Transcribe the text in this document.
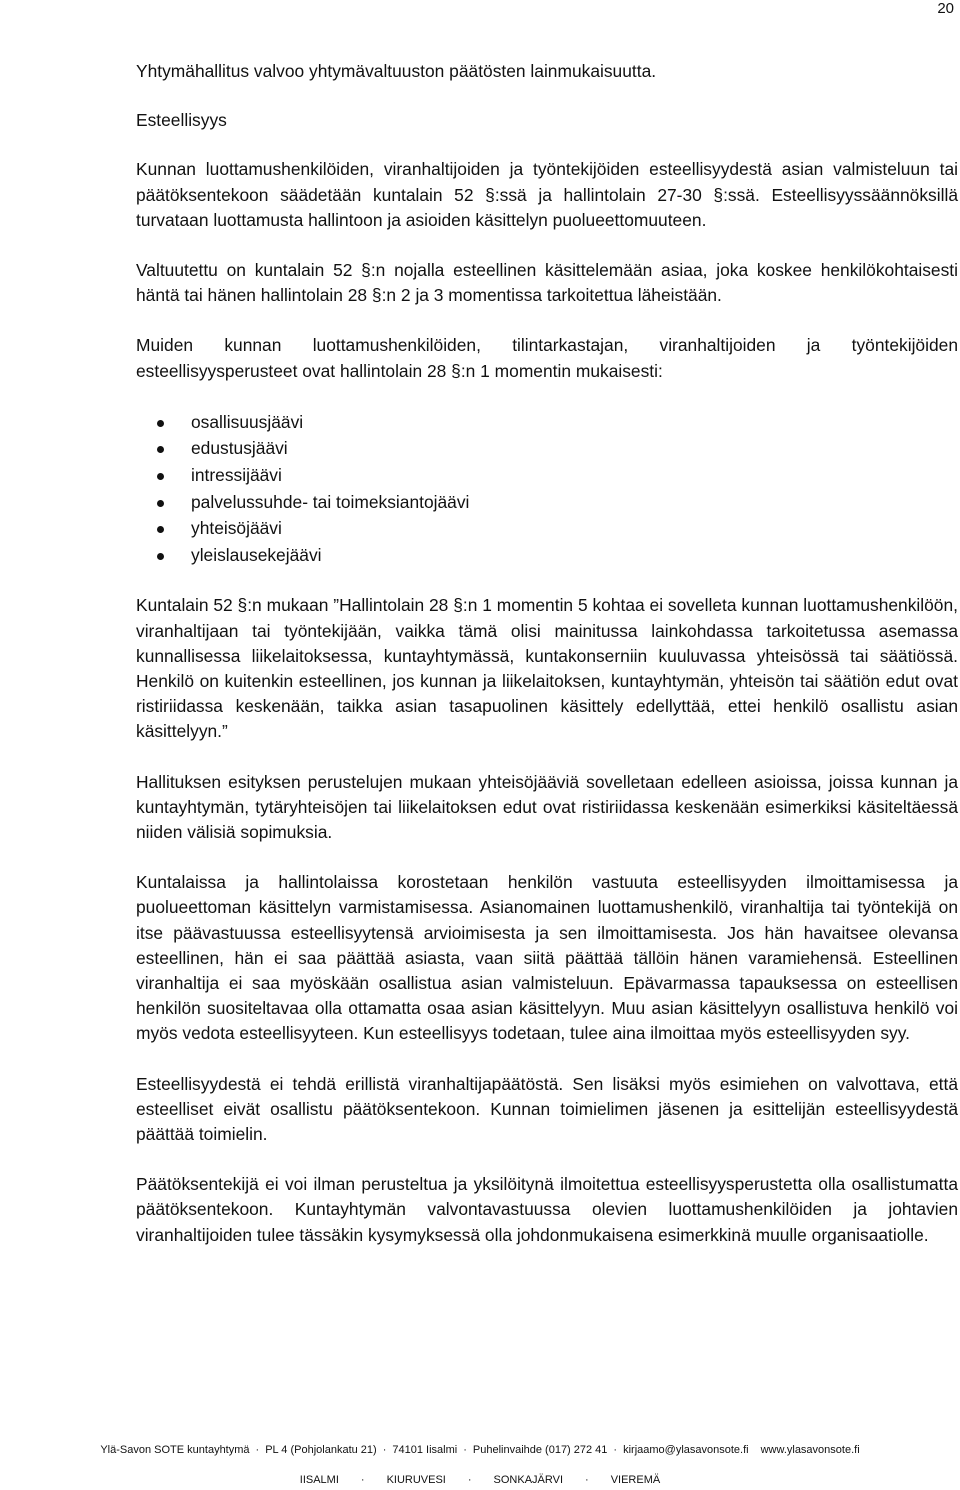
20

Yhtymähallitus valvoo yhtymävaltuuston päätösten lainmukaisuutta.

Esteellisyys

Kunnan luottamushenkilöiden, viranhaltijoiden ja työntekijöiden esteellisyydestä asian valmisteluun tai päätöksentekoon säädetään kuntalain 52 §:ssä ja hallintolain 27-30 §:ssä. Esteellisyyssäännöksillä turvataan luottamusta hallintoon ja asioiden käsittelyn puolueettomuuteen.

Valtuutettu on kuntalain 52 §:n nojalla esteellinen käsittelemään asiaa, joka koskee henkilökohtaisesti häntä tai hänen hallintolain 28 §:n 2 ja 3 momentissa tarkoitettua läheistään.

Muiden kunnan luottamushenkilöiden, tilintarkastajan, viranhaltijoiden ja työntekijöiden esteellisyysperusteet ovat hallintolain 28 §:n 1 momentin mukaisesti:

osallisuusjäävi
edustusjäävi
intressijäävi
palvelussuhde- tai toimeksiantojäävi
yhteisöjäävi
yleislausekejäävi

Kuntalain 52 §:n mukaan ”Hallintolain 28 §:n 1 momentin 5 kohtaa ei sovelleta kunnan luottamushenkilöön, viranhaltijaan tai työntekijään, vaikka tämä olisi mainitussa lainkohdassa tarkoitetussa asemassa kunnallisessa liikelaitoksessa, kuntayhtymässä, kuntakonserniin kuuluvassa yhteisössä tai säätiössä. Henkilö on kuitenkin esteellinen, jos kunnan ja liikelaitoksen, kuntayhtymän, yhteisön tai säätiön edut ovat ristiriidassa keskenään, taikka asian tasapuolinen käsittely edellyttää, ettei henkilö osallistu asian käsittelyyn.”

Hallituksen esityksen perustelujen mukaan yhteisöjääviä sovelletaan edelleen asioissa, joissa kunnan ja kuntayhtymän, tytäryhteisöjen tai liikelaitoksen edut ovat ristiriidassa keskenään esimerkiksi käsiteltäessä niiden välisiä sopimuksia.

Kuntalaissa ja hallintolaissa korostetaan henkilön vastuuta esteellisyyden ilmoittamisessa ja puolueettoman käsittelyn varmistamisessa. Asianomainen luottamushenkilö, viranhaltija tai työntekijä on itse päävastuussa esteellisyytensä arvioimisesta ja sen ilmoittamisesta. Jos hän havaitsee olevansa esteellinen, hän ei saa päättää asiasta, vaan siitä päättää tällöin hänen varamiehensä. Esteellinen viranhaltija ei saa myöskään osallistua asian valmisteluun. Epävarmassa tapauksessa on esteellisen henkilön suositeltavaa olla ottamatta osaa asian käsittelyyn. Muu asian käsittelyyn osallistuva henkilö voi myös vedota esteellisyyteen. Kun esteellisyys todetaan, tulee aina ilmoittaa myös esteellisyyden syy.

Esteellisyydestä ei tehdä erillistä viranhaltijapäätöstä. Sen lisäksi myös esimiehen on valvottava, että esteelliset eivät osallistu päätöksentekoon. Kunnan toimielimen jäsenen ja esittelijän esteellisyydestä päättää toimielin.

Päätöksentekijä ei voi ilman perusteltua ja yksilöitynä ilmoitettua esteellisyysperustetta olla osallistumatta päätöksentekoon. Kuntayhtymän valvontavastuussa olevien luottamushenkilöiden ja johtavien viranhaltijoiden tulee tässäkin kysymyksessä olla johdonmukaisena esimerkkinä muulle organisaatiolle.

Ylä-Savon SOTE kuntayhtymä · PL 4 (Pohjolankatu 21) · 74101 Iisalmi · Puhelinvaihde (017) 272 41 · kirjaamo@ylasavonsote.fi www.ylasavonsote.fi
IISALMI · KIURUVESI · SONKAJÄRVI · VIEREMÄ
